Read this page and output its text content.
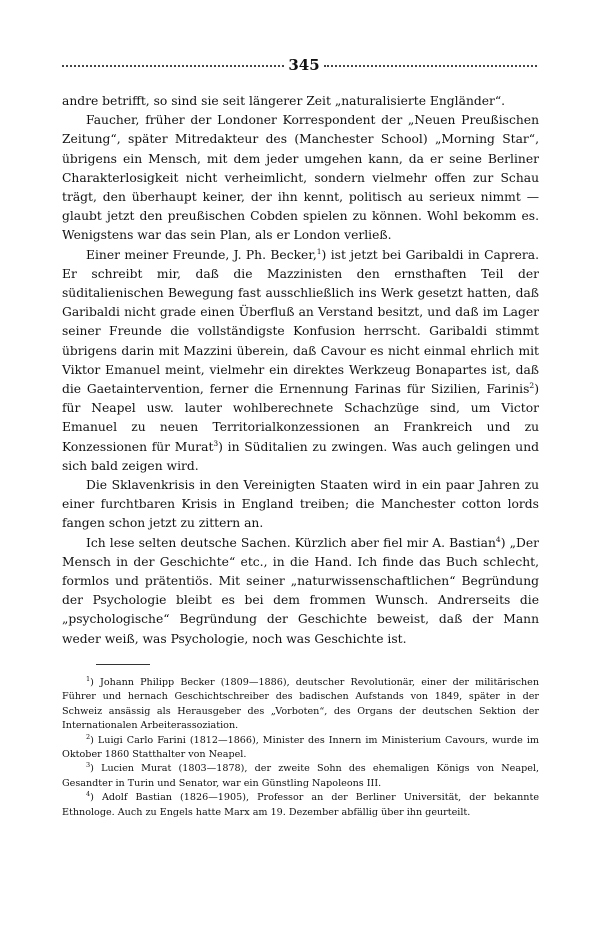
345

andre betrifft, so sind sie seit längerer Zeit „naturalisierte Engländer“.

Faucher, früher der Londoner Korrespondent der „Neuen Preußischen Zeitung“, später Mitredakteur des (Manchester School) „Morning Star“, übrigens ein Mensch, mit dem jeder umgehen kann, da er seine Berliner Charakterlosigkeit nicht verheimlicht, sondern vielmehr offen zur Schau trägt, den überhaupt keiner, der ihn kennt, politisch au serieux nimmt — glaubt jetzt den preußischen Cobden spielen zu können. Wohl bekomm es. Wenigstens war das sein Plan, als er London verließ.

Einer meiner Freunde, J. Ph. Becker,$^1$) ist jetzt bei Garibaldi in Caprera. Er schreibt mir, daß die Mazzinisten den ernsthaften Teil der süditalienischen Bewegung fast ausschließlich ins Werk gesetzt hatten, daß Garibaldi nicht grade einen Überfluß an Verstand besitzt, und daß im Lager seiner Freunde die vollständigste Konfusion herrscht. Garibaldi stimmt übrigens darin mit Mazzini überein, daß Cavour es nicht einmal ehrlich mit Viktor Emanuel meint, vielmehr ein direktes Werkzeug Bonapartes ist, daß die Gaetaintervention, ferner die Ernennung Farinas für Sizilien, Farinis$^2$) für Neapel usw. lauter wohlberechnete Schachzüge sind, um Victor Emanuel zu neuen Territorialkonzessionen an Frankreich und zu Konzessionen für Murat$^3$) in Süditalien zu zwingen. Was auch gelingen und sich bald zeigen wird.

Die Sklavenkrisis in den Vereinigten Staaten wird in ein paar Jahren zu einer furchtbaren Krisis in England treiben; die Manchester cotton lords fangen schon jetzt zu zittern an.

Ich lese selten deutsche Sachen. Kürzlich aber fiel mir A. Bastian$^4$) „Der Mensch in der Geschichte“ etc., in die Hand. Ich finde das Buch schlecht, formlos und prätentiös. Mit seiner „naturwissenschaftlichen“ Begründung der Psychologie bleibt es bei dem frommen Wunsch. Andrerseits die „psychologische“ Begründung der Geschichte beweist, daß der Mann weder weiß, was Psychologie, noch was Geschichte ist.

$^1$) Johann Philipp Becker (1809—1886), deutscher Revolutionär, einer der militärischen Führer und hernach Geschichtschreiber des badischen Aufstands von 1849, später in der Schweiz ansässig als Herausgeber des „Vorboten“, des Organs der deutschen Sektion der Internationalen Arbeiterassoziation.

$^2$) Luigi Carlo Farini (1812—1866), Minister des Innern im Ministerium Cavours, wurde im Oktober 1860 Statthalter von Neapel.

$^3$) Lucien Murat (1803—1878), der zweite Sohn des ehemaligen Königs von Neapel, Gesandter in Turin und Senator, war ein Günstling Napoleons III.

$^4$) Adolf Bastian (1826—1905), Professor an der Berliner Universität, der bekannte Ethnologe. Auch zu Engels hatte Marx am 19. Dezember abfällig über ihn geurteilt.
